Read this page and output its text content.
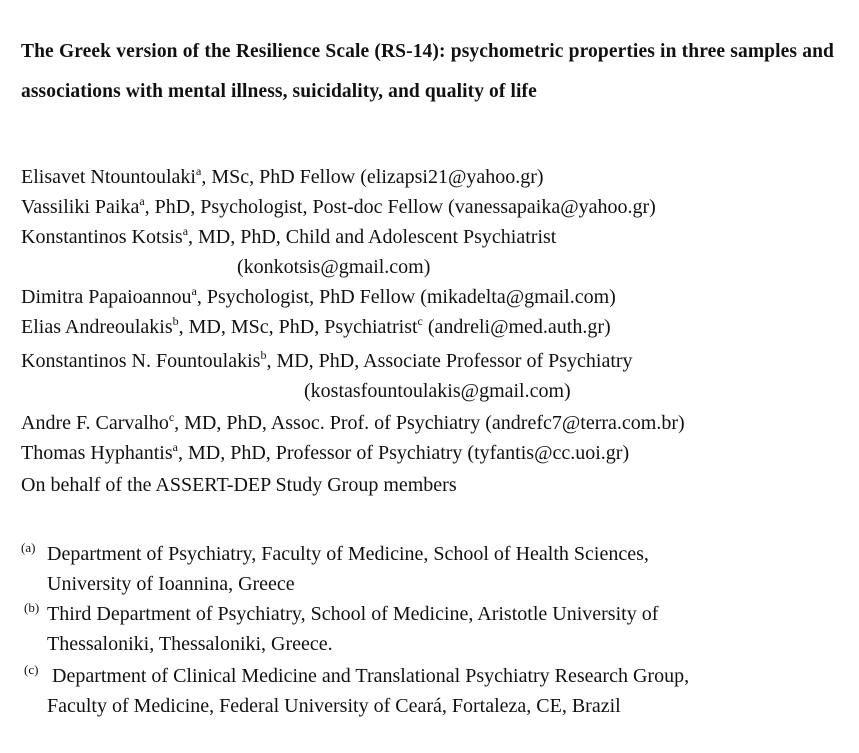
The Greek version of the Resilience Scale (RS-14): psychometric properties in three samples and associations with mental illness, suicidality, and quality of life
Elisavet Ntountoulaki$^a$, MSc, PhD Fellow (elizapsi21@yahoo.gr)
Vassiliki Paika$^a$, PhD, Psychologist, Post-doc Fellow (vanessapaika@yahoo.gr)
Konstantinos Kotsis$^a$, MD, PhD, Child and Adolescent Psychiatrist
(konkotsis@gmail.com)
Dimitra Papaioannou$^a$, Psychologist, PhD Fellow (mikadelta@gmail.com)
Elias Andreoulakis$^b$, MD, MSc, PhD, Psychiatrist$^c$ (andreli@med.auth.gr)
Konstantinos N. Fountoulakis$^b$, MD, PhD, Associate Professor of Psychiatry
(kostasfountoulakis@gmail.com)
Andre F. Carvalho$^c$, MD, PhD, Assoc. Prof. of Psychiatry (andrefc7@terra.com.br)
Thomas Hyphantis$^a$, MD, PhD, Professor of Psychiatry (tyfantis@cc.uoi.gr)
On behalf of the ASSERT-DEP Study Group members
(a) Department of Psychiatry, Faculty of Medicine, School of Health Sciences,
University of Ioannina, Greece
(b) Third Department of Psychiatry, School of Medicine, Aristotle University of
Thessaloniki, Thessaloniki, Greece.
(c) Department of Clinical Medicine and Translational Psychiatry Research Group,
Faculty of Medicine, Federal University of Ceará, Fortaleza, CE, Brazil
